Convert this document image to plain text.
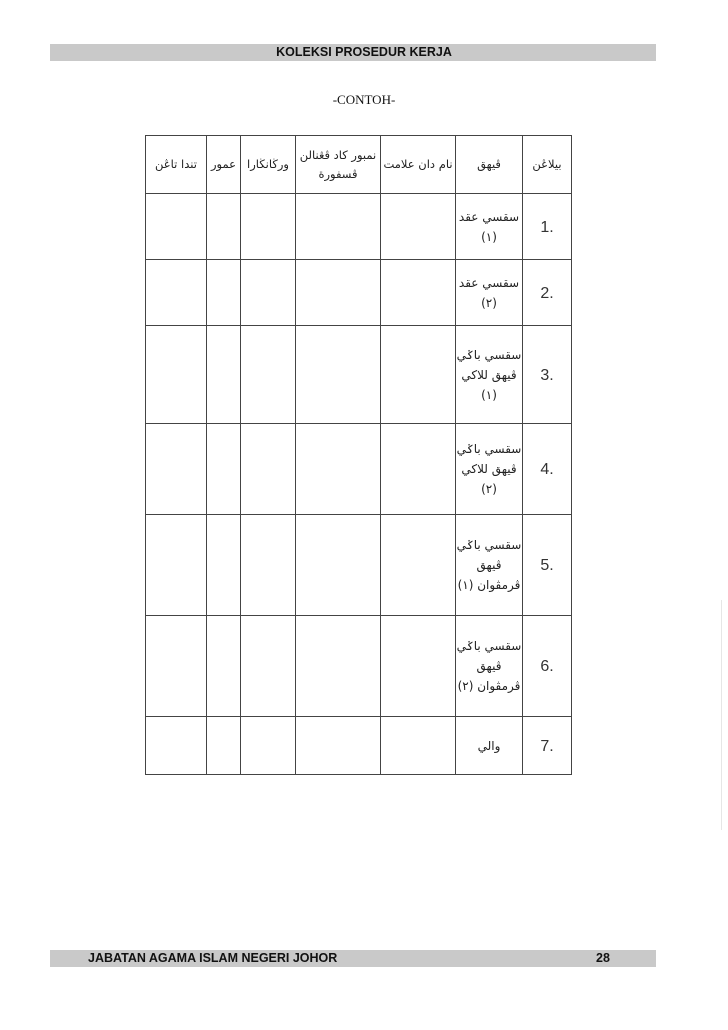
KOLEKSI PROSEDUR KERJA
-CONTOH-
تندا تاڠن	عمور	ورڬانڬارا	نمبور كاد ڤڠنالن ڤسفورة	نام دان علامت	ڤيهق	بيلاڠن

					سقسي عقد (١)	1.

					سقسي عقد (٢)	2.

					سقسي باݢي ڤيهق للاكي (١)	3.

					سقسي باݢي ڤيهق للاكي (٢)	4.

					سقسي باݢي ڤيهق ڤرمڤوان (١)	5.

					سقسي باݢي ڤيهق ڤرمڤوان (٢)	6.

					والي	7.
JABATAN AGAMA ISLAM NEGERI JOHOR	28
